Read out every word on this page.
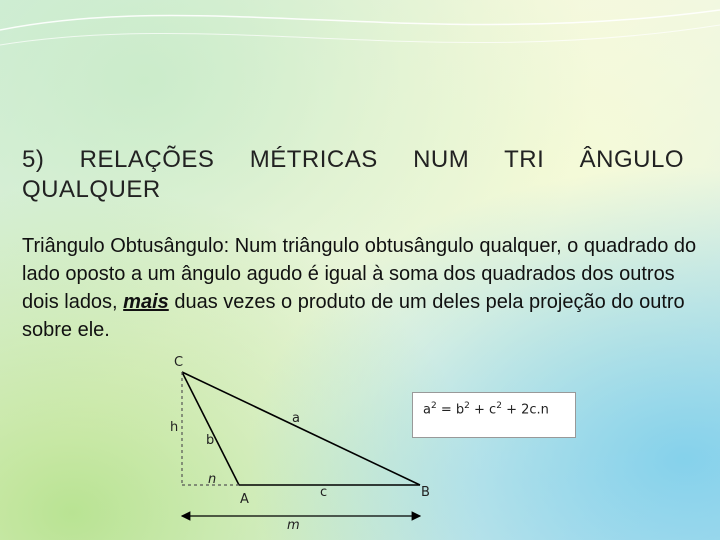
5) RELAÇÕES MÉTRICAS NUM TRI ÂNGULO QUALQUER
Triângulo Obtusângulo: Num triângulo obtusângulo qualquer, o quadrado do lado oposto a um ângulo agudo é igual à soma dos quadrados dos outros dois lados, mais duas vezes o produto de um deles pela projeção do outro sobre ele.
C
h
b
a
n
A	c	B
m
$a^2 = b^2 + c^2 + 2c.n$
